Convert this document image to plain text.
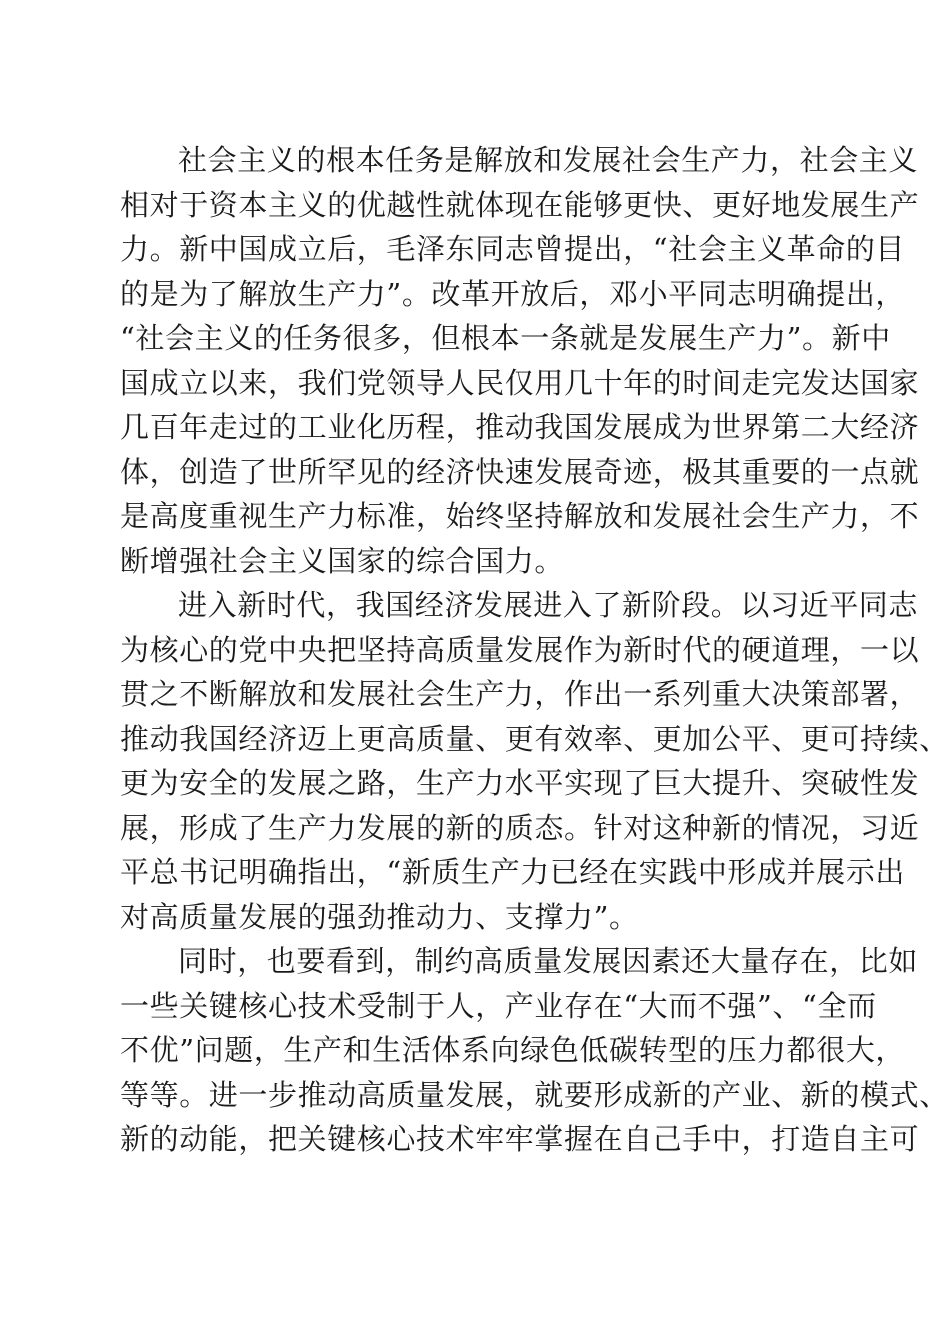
社会主义的根本任务是解放和发展社会生产力，社会主义
相对于资本主义的优越性就体现在能够更快、更好地发展生产
力。新中国成立后，毛泽东同志曾提出，“社会主义革命的目
的是为了解放生产力”。改革开放后，邓小平同志明确提出，
“社会主义的任务很多，但根本一条就是发展生产力”。新中
国成立以来，我们党领导人民仅用几十年的时间走完发达国家
几百年走过的工业化历程，推动我国发展成为世界第二大经济
体，创造了世所罕见的经济快速发展奇迹，极其重要的一点就
是高度重视生产力标准，始终坚持解放和发展社会生产力，不
断增强社会主义国家的综合国力。
进入新时代，我国经济发展进入了新阶段。以习近平同志
为核心的党中央把坚持高质量发展作为新时代的硬道理，一以
贯之不断解放和发展社会生产力，作出一系列重大决策部署，
推动我国经济迈上更高质量、更有效率、更加公平、更可持续、
更为安全的发展之路，生产力水平实现了巨大提升、突破性发
展，形成了生产力发展的新的质态。针对这种新的情况，习近
平总书记明确指出，“新质生产力已经在实践中形成并展示出
对高质量发展的强劲推动力、支撑力”。
同时，也要看到，制约高质量发展因素还大量存在，比如
一些关键核心技术受制于人，产业存在“大而不强”、“全而
不优”问题，生产和生活体系向绿色低碳转型的压力都很大，
等等。进一步推动高质量发展，就要形成新的产业、新的模式、
新的动能，把关键核心技术牢牢掌握在自己手中，打造自主可
